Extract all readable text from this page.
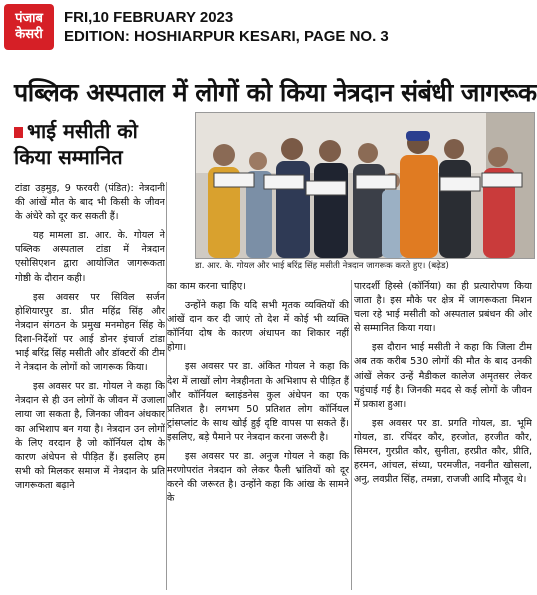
पंजाब
केसरी
FRI,10 FEBRUARY 2023
EDITION: HOSHIARPUR KESARI, PAGE NO. 3
पब्लिक अस्पताल में लोगों को किया नेत्रदान संबंधी जागरूक
भाई मसीती को
किया सम्मानित
डा. आर. के. गोयल और भाई बरिंद्र सिंह मसीती नेत्रदान जागरूक करते हुए। (बढ़ेड)

टांडा उड़मुड़, 9 फरवरी (पंडित): नेत्रदानी की आंखें मौत के बाद भी किसी के जीवन के अंधेरे को दूर कर सकती हैं।

यह मामला डा. आर. के. गोयल ने पब्लिक अस्पताल टांडा में नेत्रदान एसोसिएशन द्वारा आयोजित जागरूकता गोष्ठी के दौरान कही।

इस अवसर पर सिविल सर्जन होशियारपुर डा. प्रीत महिंद्र सिंह और नेत्रदान संगठन के प्रमुख मनमोहन सिंह के दिशा-निर्देशों पर आई डोनर इंचार्ज टांडा भाई बरिंद्र सिंह मसीती और डॉक्टरों की टीम ने नेत्रदान के लोगों को जागरूक किया।

इस अवसर पर डा. गोयल ने कहा कि नेत्रदान से ही उन लोगों के जीवन में उजाला लाया जा सकता है, जिनका जीवन अंधकार का अभिशाप बन गया है। नेत्रदान उन लोगों के लिए वरदान है जो कॉर्नियल दोष के कारण अंधेपन से पीड़ित हैं। इसलिए हम सभी को मिलकर समाज में नेत्रदान के प्रति जागरूकता बढ़ाने

का काम करना चाहिए।

उन्होंने कहा कि यदि सभी मृतक व्यक्तियों की आंखें दान कर दी जाएं तो देश में कोई भी व्यक्ति कॉर्निया दोष के कारण अंधापन का शिकार नहीं होगा।

इस अवसर पर डा. अंकित गोयल ने कहा कि देश में लाखों लोग नेत्रहीनता के अभिशाप से पीड़ित हैं और कॉर्नियल ब्लाइंडनेस कुल अंधेपन का एक प्रतिशत है। लगभग 50 प्रतिशत लोग कॉर्नियल ट्रांसप्लांट के साथ खोई हुई दृष्टि वापस पा सकते हैं। इसलिए, बड़े पैमाने पर नेत्रदान करना जरूरी है।

इस अवसर पर डा. अनुज गोयल ने कहा कि मरणोपरांत नेत्रदान को लेकर फैली भ्रांतियों को दूर करने की जरूरत है। उन्होंने कहा कि आंख के सामने के

पारदर्शी हिस्से (कॉर्निया) का ही प्रत्यारोपण किया जाता है। इस मौके पर क्षेत्र में जागरूकता मिशन चला रहे भाई मसीती को अस्पताल प्रबंधन की ओर से सम्मानित किया गया।

इस दौरान भाई मसीती ने कहा कि जिला टीम अब तक करीब 530 लोगों की मौत के बाद उनकी आंखें लेकर उन्हें मैडीकल कालेज अमृतसर लेकर पहुंचाई गई है। जिनकी मदद से कई लोगों के जीवन में प्रकाश हुआ।

इस अवसर पर डा. प्रगति गोयल, डा. भूमि गोयल, डा. रपिंदर कौर, हरजोत, हरजीत कौर, सिमरन, गुरप्रीत कौर, सुनीता, हरप्रीत कौर, प्रीति, हरमन, आंचल, संध्या, परमजीत, नवनीत खोसला, अनु, लवप्रीत सिंह, तमन्ना, राजजी आदि मौजूद थे।
